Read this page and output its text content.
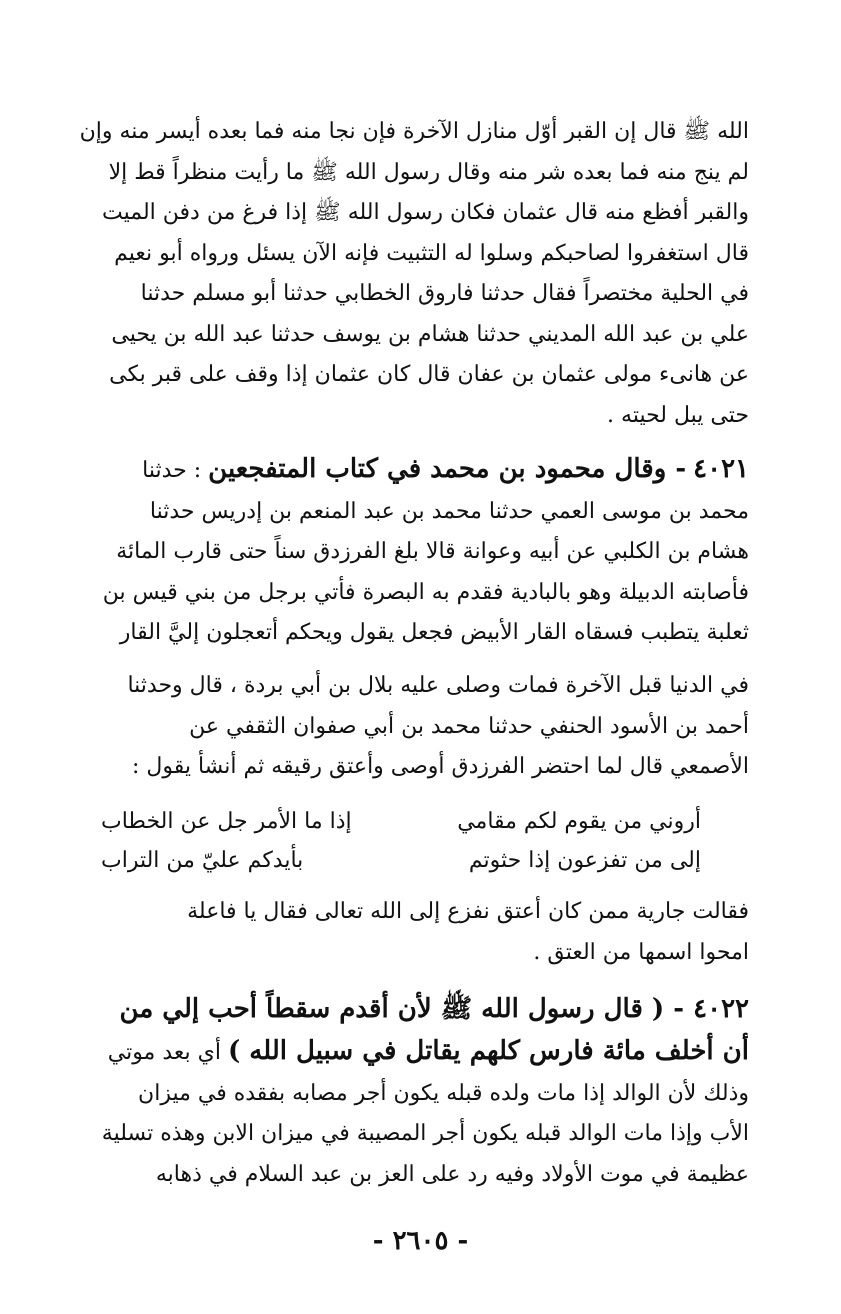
الله ﷺ قال إن القبر أوّل منازل الآخرة فإن نجا منه فما بعده أيسر منه وإن
لم ينج منه فما بعده شر منه وقال رسول الله ﷺ ما رأيت منظراً قط إلا
والقبر أفظع منه قال عثمان فكان رسول الله ﷺ إذا فرغ من دفن الميت
قال استغفروا لصاحبكم وسلوا له التثبيت فإنه الآن يسئل ورواه أبو نعيم
في الحلية مختصراً فقال حدثنا فاروق الخطابي حدثنا أبو مسلم حدثنا
علي بن عبد الله المديني حدثنا هشام بن يوسف حدثنا عبد الله بن يحيى
عن هانىء مولى عثمان بن عفان قال كان عثمان إذا وقف على قبر بكى
حتى يبل لحيته .
٤٠٢١ - وقال محمود بن محمد في كتاب المتفجعين : حدثنا
محمد بن موسى العمي حدثنا محمد بن عبد المنعم بن إدريس حدثنا
هشام بن الكلبي عن أبيه وعوانة قالا بلغ الفرزدق سناً حتى قارب المائة
فأصابته الدبيلة وهو بالبادية فقدم به البصرة فأتي برجل من بني قيس بن
ثعلبة يتطبب فسقاه القار الأبيض فجعل يقول ويحكم أتعجلون إليَّ القار
في الدنيا قبل الآخرة فمات وصلى عليه بلال بن أبي بردة ، قال وحدثنا
أحمد بن الأسود الحنفي حدثنا محمد بن أبي صفوان الثقفي عن
الأصمعي قال لما احتضر الفرزدق أوصى وأعتق رقيقه ثم أنشأ يقول :
أروني من يقوم لكم مقامي
إذا ما الأمر جل عن الخطاب
إلى من تفزعون إذا حثوتم
بأيدكم عليّ من التراب
فقالت جارية ممن كان أعتق نفزع إلى الله تعالى فقال يا فاعلة
امحوا اسمها من العتق .
٤٠٢٢ - ( قال رسول الله ﷺ لأن أقدم سقطاً أحب إلي من
أن أخلف مائة فارس كلهم يقاتل في سبيل الله ) أي بعد موتي
وذلك لأن الوالد إذا مات ولده قبله يكون أجر مصابه بفقده في ميزان
الأب وإذا مات الوالد قبله يكون أجر المصيبة في ميزان الابن وهذه تسلية
عظيمة في موت الأولاد وفيه رد على العز بن عبد السلام في ذهابه
- ٢٦٠٥ -
